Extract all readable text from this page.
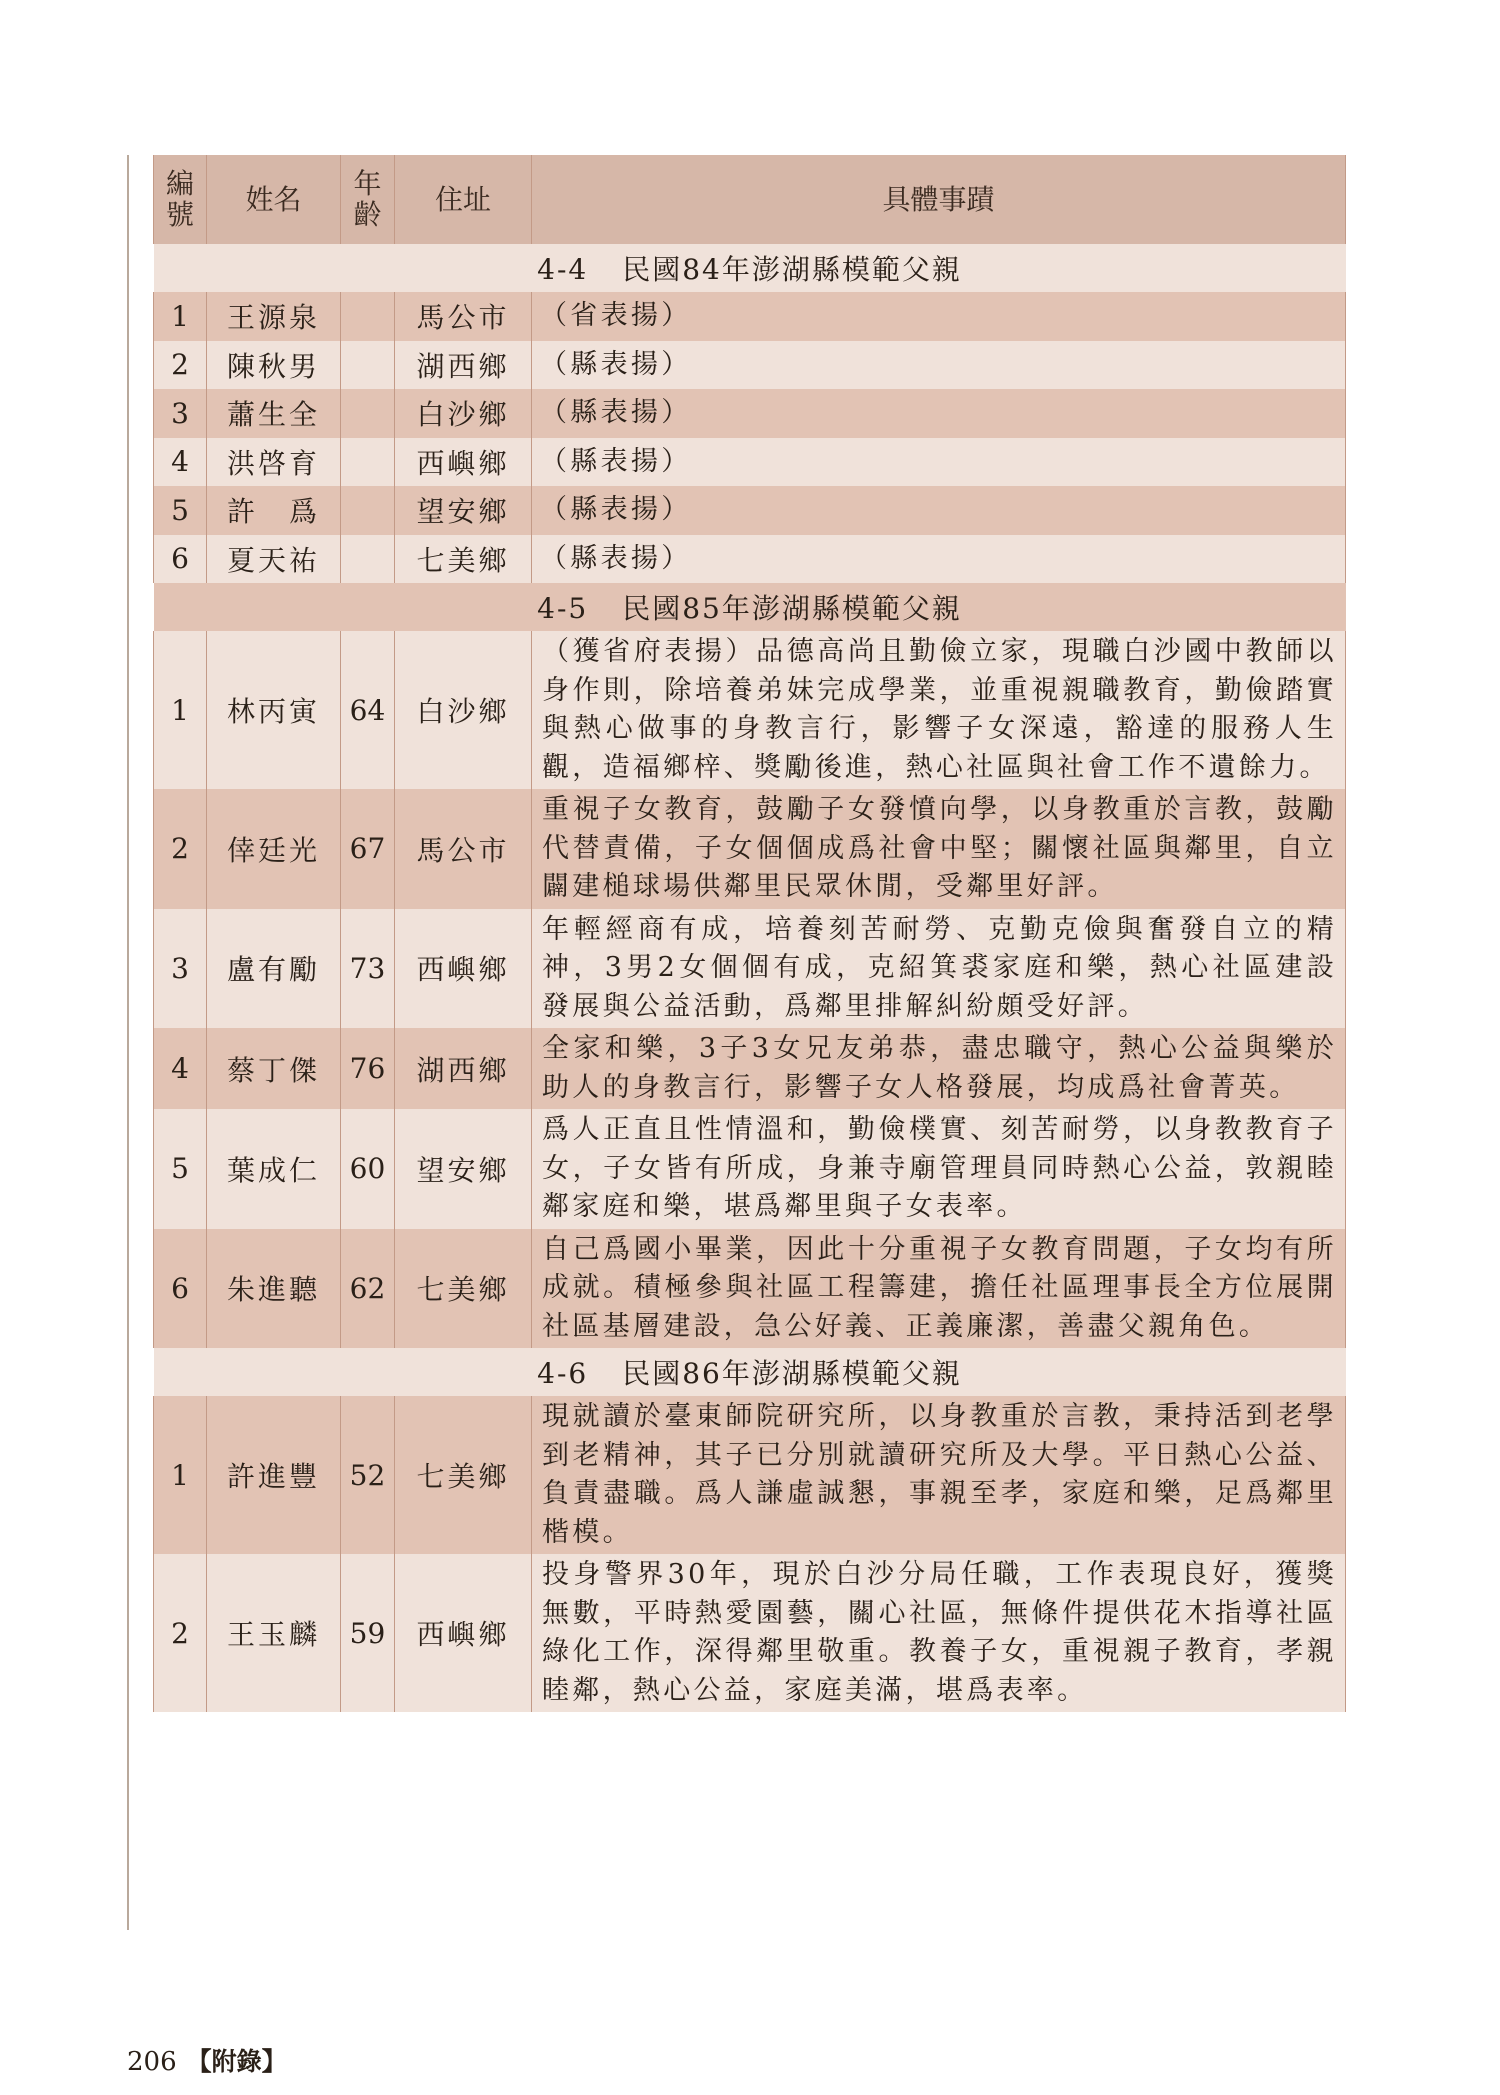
編號	姓名	年齡	住址	具體事蹟
4-4 民國84年澎湖縣模範父親				
1	王源泉		馬公市	（省表揚）
2	陳秋男		湖西鄉	（縣表揚）
3	蕭生全		白沙鄉	（縣表揚）
4	洪啓育		西嶼鄉	（縣表揚）
5	許　爲		望安鄉	（縣表揚）
6	夏天祐		七美鄉	（縣表揚）
4-5 民國85年澎湖縣模範父親				
1	林丙寅	64	白沙鄉	（獲省府表揚）品德高尚且勤儉立家，現職白沙國中教師以身作則，除培養弟妹完成學業，並重視親職教育，勤儉踏實與熱心做事的身教言行，影響子女深遠，豁達的服務人生觀，造福鄉梓、獎勵後進，熱心社區與社會工作不遺餘力。
2	倖廷光	67	馬公市	重視子女教育，鼓勵子女發憤向學，以身教重於言教，鼓勵代替責備，子女個個成爲社會中堅；關懷社區與鄰里，自立闢建槌球場供鄰里民眾休閒，受鄰里好評。
3	盧有勵	73	西嶼鄉	年輕經商有成，培養刻苦耐勞、克勤克儉與奮發自立的精神，3男2女個個有成，克紹箕裘家庭和樂，熱心社區建設發展與公益活動，爲鄰里排解糾紛頗受好評。
4	蔡丁傑	76	湖西鄉	全家和樂，3子3女兄友弟恭，盡忠職守，熱心公益與樂於助人的身教言行，影響子女人格發展，均成爲社會菁英。
5	葉成仁	60	望安鄉	爲人正直且性情溫和，勤儉樸實、刻苦耐勞，以身教教育子女，子女皆有所成，身兼寺廟管理員同時熱心公益，敦親睦鄰家庭和樂，堪爲鄰里與子女表率。
6	朱進聽	62	七美鄉	自己爲國小畢業，因此十分重視子女教育問題，子女均有所成就。積極參與社區工程籌建，擔任社區理事長全方位展開社區基層建設，急公好義、正義廉潔，善盡父親角色。
4-6 民國86年澎湖縣模範父親				
1	許進豐	52	七美鄉	現就讀於臺東師院研究所，以身教重於言教，秉持活到老學到老精神，其子已分別就讀研究所及大學。平日熱心公益、負責盡職。爲人謙虛誠懇，事親至孝，家庭和樂，足爲鄰里楷模。
2	王玉麟	59	西嶼鄉	投身警界30年，現於白沙分局任職，工作表現良好，獲獎無數，平時熱愛園藝，關心社區，無條件提供花木指導社區綠化工作，深得鄰里敬重。教養子女，重視親子教育，孝親睦鄰，熱心公益，家庭美滿，堪爲表率。
206 【附錄】
